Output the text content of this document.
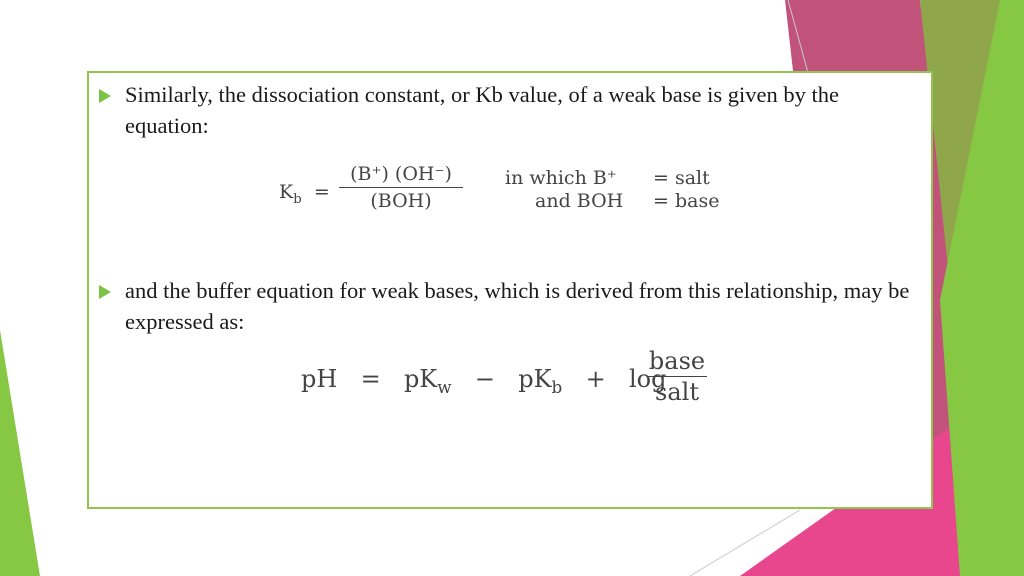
Similarly, the dissociation constant, or Kb value, of a weak base is given by the equation:
$K_b$ =
(B⁺) (OH⁻)
(BOH)
in which B⁺
and BOH
= salt
= base
and the buffer equation for weak bases, which is derived from this relationship, may be expressed as:
pH = $pK_w - pK_b + \log$
base
salt
